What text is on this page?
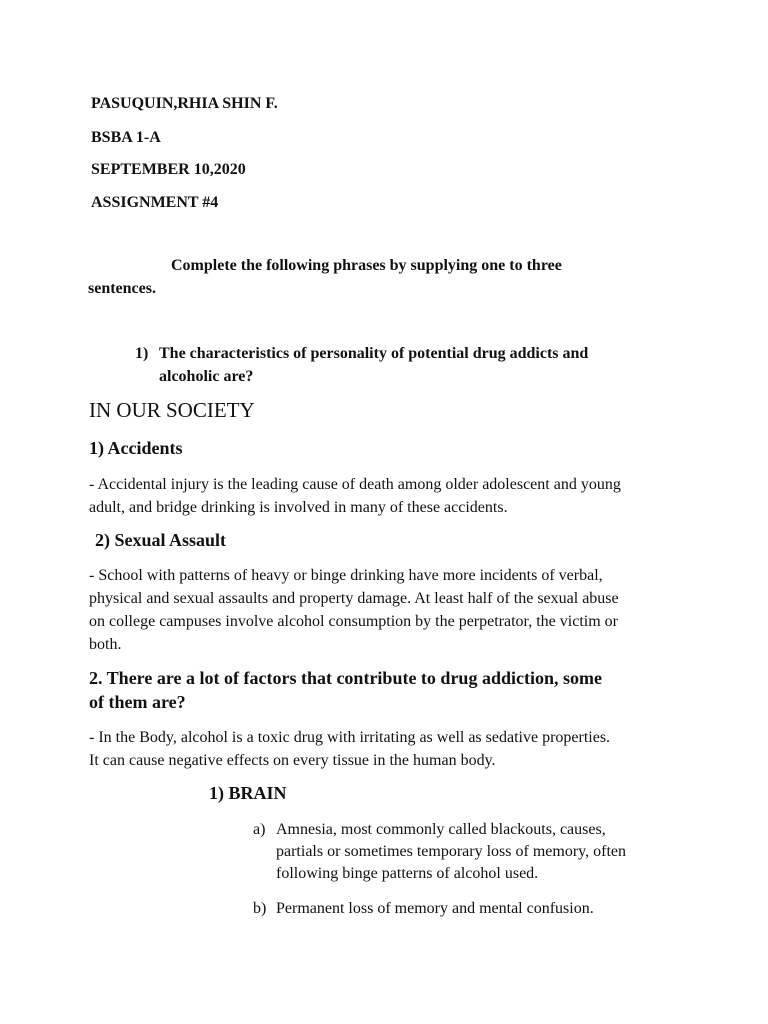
PASUQUIN,RHIA SHIN F.
BSBA 1-A
SEPTEMBER 10,2020
ASSIGNMENT #4
Complete the following phrases by supplying one to three
sentences.
1) The characteristics of personality of potential drug addicts and
alcoholic are?
IN OUR SOCIETY
1) Accidents
- Accidental injury is the leading cause of death among older adolescent and young
adult, and bridge drinking is involved in many of these accidents.
2) Sexual Assault
- School with patterns of heavy or binge drinking have more incidents of verbal,
physical and sexual assaults and property damage. At least half of the sexual abuse
on college campuses involve alcohol consumption by the perpetrator, the victim or
both.
2. There are a lot of factors that contribute to drug addiction, some
of them are?
- In the Body, alcohol is a toxic drug with irritating as well as sedative properties.
It can cause negative effects on every tissue in the human body.
1) BRAIN
a) Amnesia, most commonly called blackouts, causes,
partials or sometimes temporary loss of memory, often
following binge patterns of alcohol used.
b) Permanent loss of memory and mental confusion.
